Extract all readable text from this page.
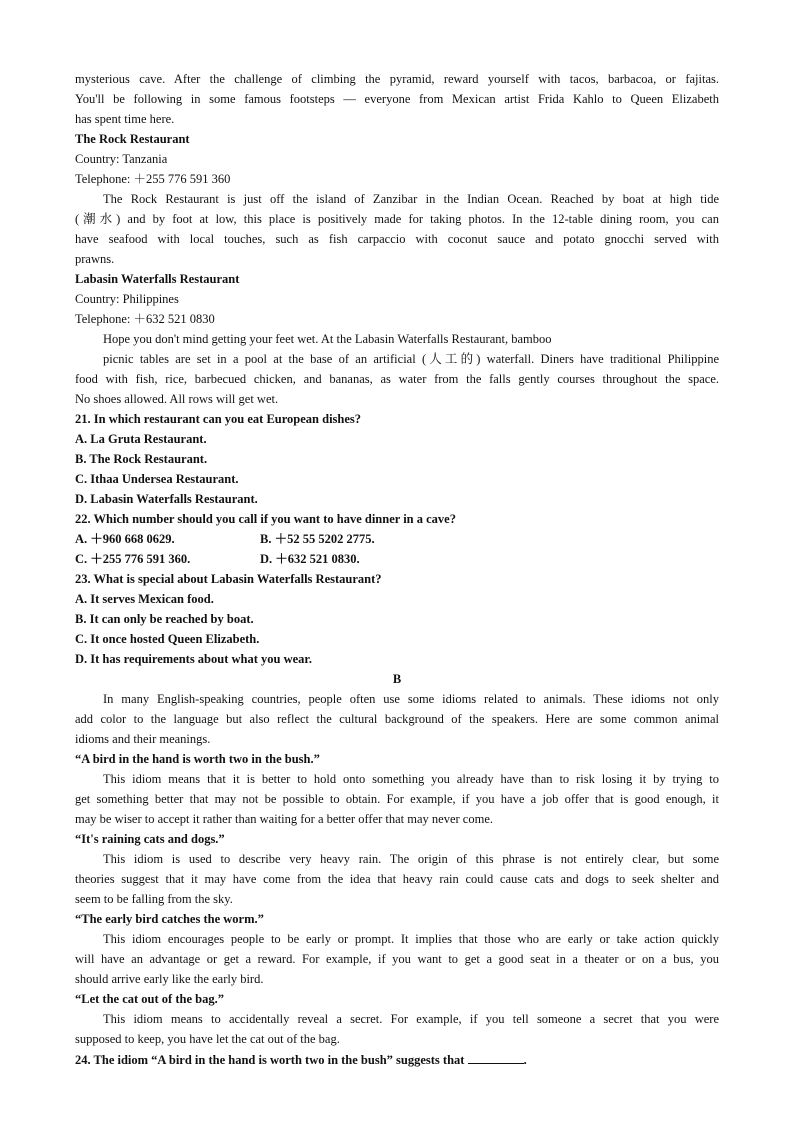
mysterious cave. After the challenge of climbing the pyramid, reward yourself with tacos, barbacoa, or fajitas.
You'll be following in some famous footsteps — everyone from Mexican artist Frida Kahlo to Queen Elizabeth
has spent time here.
The Rock Restaurant
Country: Tanzania
Telephone: ＋255 776 591 360
The Rock Restaurant is just off the island of Zanzibar in the Indian Ocean. Reached by boat at high tide
(潮水) and by foot at low, this place is positively made for taking photos. In the 12-table dining room, you can
have seafood with local touches, such as fish carpaccio with coconut sauce and potato gnocchi served with
prawns.
Labasin Waterfalls Restaurant
Country: Philippines
Telephone: ＋632 521 0830
Hope you don't mind getting your feet wet. At the Labasin Waterfalls Restaurant, bamboo
picnic tables are set in a pool at the base of an artificial (人工的) waterfall. Diners have traditional Philippine
food with fish, rice, barbecued chicken, and bananas, as water from the falls gently courses throughout the space.
No shoes allowed. All rows will get wet.
21. In which restaurant can you eat European dishes?
A. La Gruta Restaurant.
B. The Rock Restaurant.
C. Ithaa Undersea Restaurant.
D. Labasin Waterfalls Restaurant.
22. Which number should you call if you want to have dinner in a cave?
A. ＋960 668 0629.	B. ＋52 55 5202 2775.
C. ＋255 776 591 360.	D. ＋632 521 0830.
23. What is special about Labasin Waterfalls Restaurant?
A. It serves Mexican food.
B. It can only be reached by boat.
C. It once hosted Queen Elizabeth.
D. It has requirements about what you wear.
B
In many English-speaking countries, people often use some idioms related to animals. These idioms not only
add color to the language but also reflect the cultural background of the speakers. Here are some common animal
idioms and their meanings.
“A bird in the hand is worth two in the bush.”
This idiom means that it is better to hold onto something you already have than to risk losing it by trying to
get something better that may not be possible to obtain. For example, if you have a job offer that is good enough, it
may be wiser to accept it rather than waiting for a better offer that may never come.
“It's raining cats and dogs.”
This idiom is used to describe very heavy rain. The origin of this phrase is not entirely clear, but some
theories suggest that it may have come from the idea that heavy rain could cause cats and dogs to seek shelter and
seem to be falling from the sky.
“The early bird catches the worm.”
This idiom encourages people to be early or prompt. It implies that those who are early or take action quickly
will have an advantage or get a reward. For example, if you want to get a good seat in a theater or on a bus, you
should arrive early like the early bird.
“Let the cat out of the bag.”
This idiom means to accidentally reveal a secret. For example, if you tell someone a secret that you were
supposed to keep, you have let the cat out of the bag.
24. The idiom “A bird in the hand is worth two in the bush” suggests that	.
